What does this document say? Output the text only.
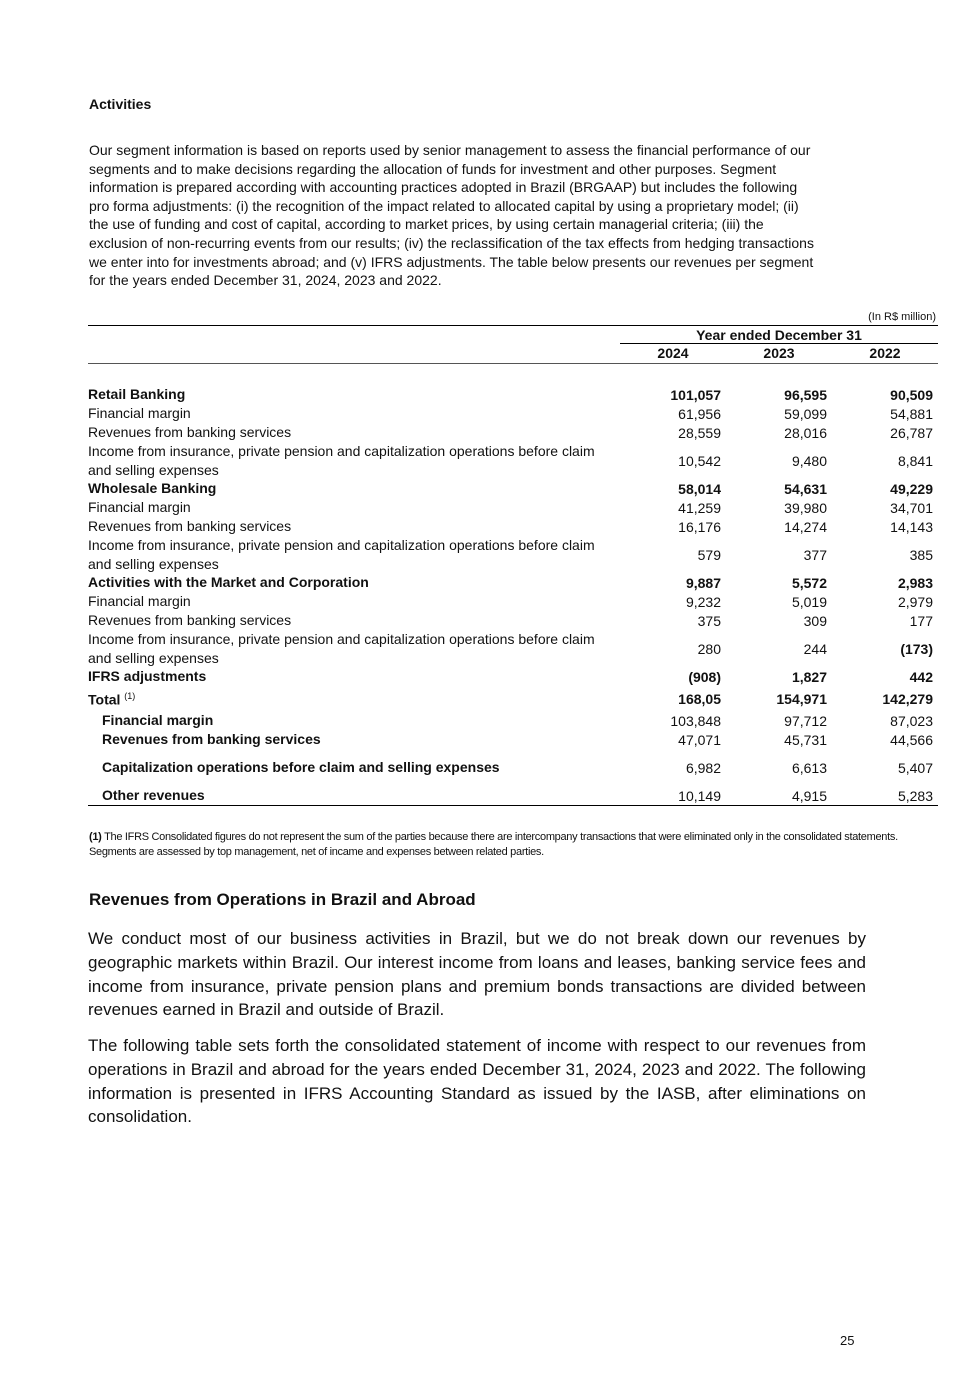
Activities
Our segment information is based on reports used by senior management to assess the financial performance of our segments and to make decisions regarding the allocation of funds for investment and other purposes. Segment information is prepared according with accounting practices adopted in Brazil (BRGAAP) but includes the following pro forma adjustments: (i) the recognition of the impact related to allocated capital by using a proprietary model; (ii) the use of funding and cost of capital, according to market prices, by using certain managerial criteria; (iii) the exclusion of non-recurring events from our results; (iv) the reclassification of the tax effects from hedging transactions we enter into for investments abroad; and (v) IFRS adjustments. The table below presents our revenues per segment for the years ended December 31, 2024, 2023 and 2022.
(In R$ million)
Year ended December 31
2024	2023	2022
Retail Banking	101,057	96,595	90,509
Financial margin	61,956	59,099	54,881
Revenues from banking services	28,559	28,016	26,787
Income from insurance, private pension and capitalization operations before claim and selling expenses
10,542	9,480	8,841
Wholesale Banking	58,014	54,631	49,229
Financial margin	41,259	39,980	34,701
Revenues from banking services	16,176	14,274	14,143
Income from insurance, private pension and capitalization operations before claim and selling expenses
579	377	385
Activities with the Market and Corporation	9,887	5,572	2,983
Financial margin	9,232	5,019	2,979
Revenues from banking services	375	309	177
Income from insurance, private pension and capitalization operations before claim and selling expenses
280	244	(173)
IFRS adjustments	(908)	1,827	442
Total $^{(1)}$	168,05	154,971	142,279
Financial margin	103,848	97,712	87,023
Revenues from banking services	47,071	45,731	44,566
Capitalization operations before claim and selling expenses	6,982	6,613	5,407
Other revenues	10,149	4,915	5,283
(1) The IFRS Consolidated figures do not represent the sum of the parties because there are intercompany transactions that were eliminated only in the consolidated statements. Segments are assessed by top management, net of incame and expenses between related parties.
Revenues from Operations in Brazil and Abroad
We conduct most of our business activities in Brazil, but we do not break down our revenues by geographic markets within Brazil. Our interest income from loans and leases, banking service fees and income from insurance, private pension plans and premium bonds transactions are divided between revenues earned in Brazil and outside of Brazil.
The following table sets forth the consolidated statement of income with respect to our revenues from operations in Brazil and abroad for the years ended December 31, 2024, 2023 and 2022. The following information is presented in IFRS Accounting Standard as issued by the IASB, after eliminations on consolidation.
25
